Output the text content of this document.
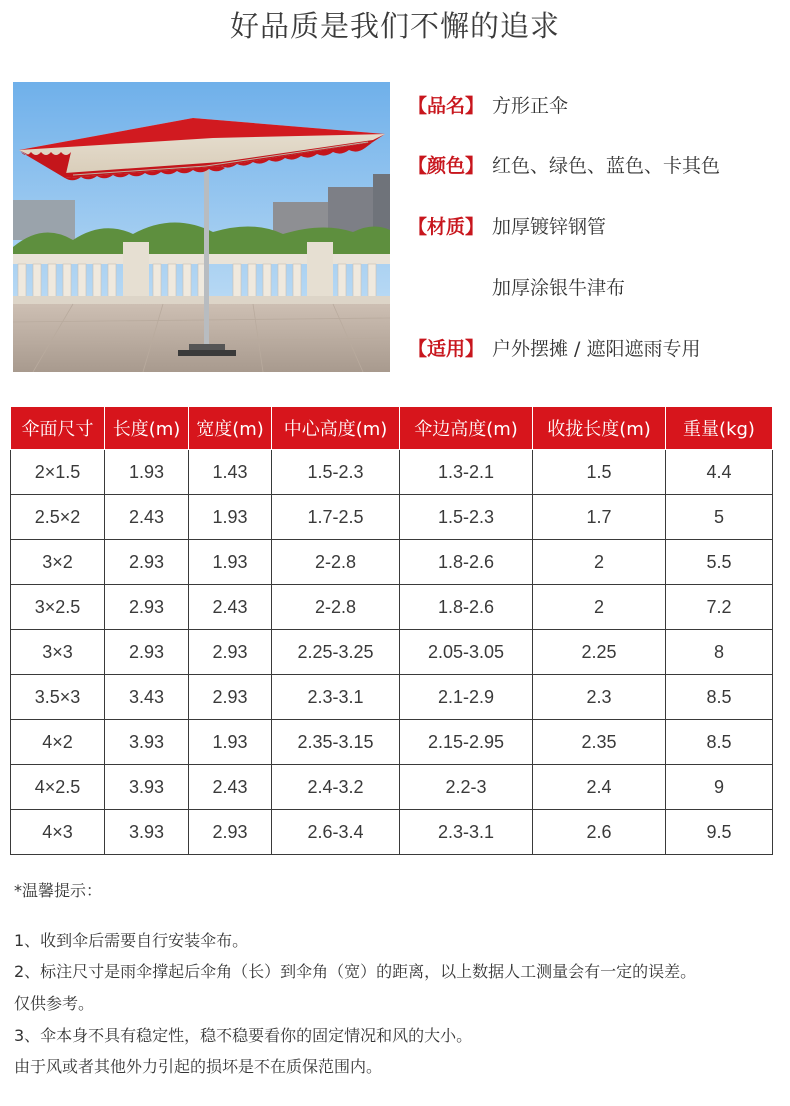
好品质是我们不懈的追求
【品名】 方形正伞
【颜色】 红色、绿色、蓝色、卡其色
【材质】 加厚镀锌钢管
加厚涂银牛津布
【适用】 户外摆摊 / 遮阳遮雨专用
伞面尺寸	长度(m)	宽度(m)	中心高度(m)	伞边高度(m)	收拢长度(m)	重量(kg)
2×1.5	1.93	1.43	1.5-2.3	1.3-2.1	1.5	4.4
2.5×2	2.43	1.93	1.7-2.5	1.5-2.3	1.7	5
3×2	2.93	1.93	2-2.8	1.8-2.6	2	5.5
3×2.5	2.93	2.43	2-2.8	1.8-2.6	2	7.2
3×3	2.93	2.93	2.25-3.25	2.05-3.05	2.25	8
3.5×3	3.43	2.93	2.3-3.1	2.1-2.9	2.3	8.5
4×2	3.93	1.93	2.35-3.15	2.15-2.95	2.35	8.5
4×2.5	3.93	2.43	2.4-3.2	2.2-3	2.4	9
4×3	3.93	2.93	2.6-3.4	2.3-3.1	2.6	9.5
*温馨提示：
1、收到伞后需要自行安装伞布。
2、标注尺寸是雨伞撑起后伞角（长）到伞角（宽）的距离，以上数据人工测量会有一定的误差。
仅供参考。
3、伞本身不具有稳定性，稳不稳要看你的固定情况和风的大小。
由于风或者其他外力引起的损坏是不在质保范围内。
